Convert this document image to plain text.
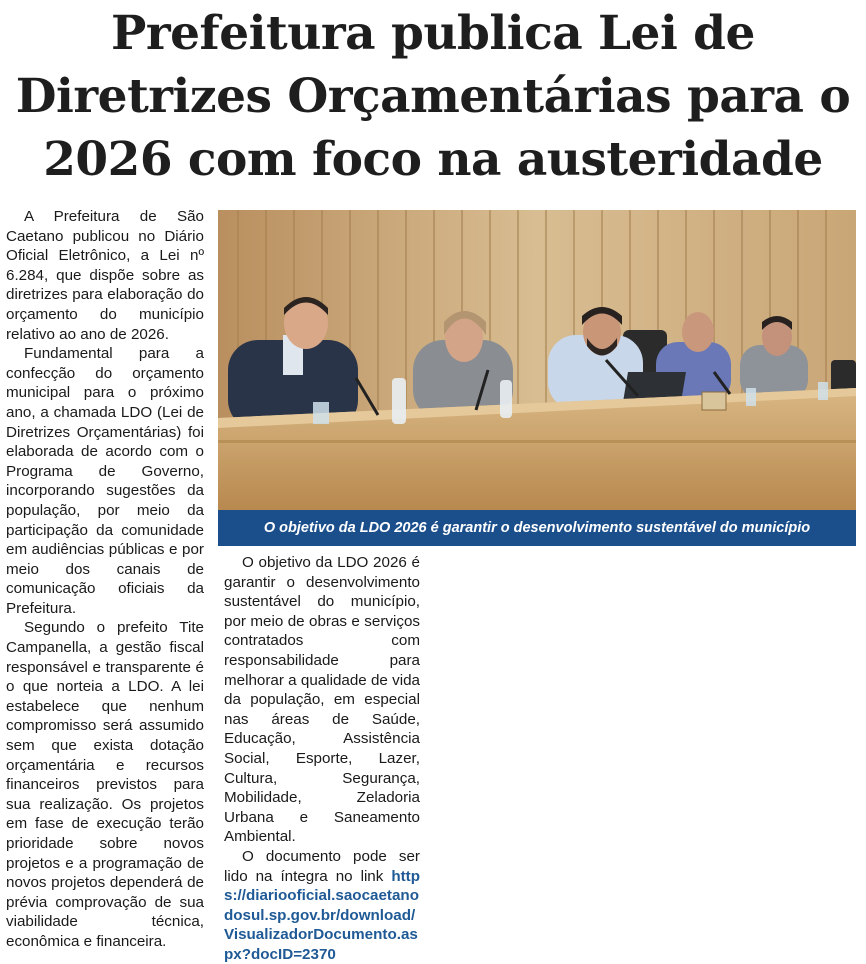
Prefeitura publica Lei de
Diretrizes Orçamentárias para o
2026 com foco na austeridade

A Prefeitura de São Caetano publicou no Diário Oficial Eletrônico, a Lei nº 6.284, que dispõe sobre as diretrizes para elaboração do orçamento do município relativo ao ano de 2026.

Fundamental para a confecção do orçamento municipal para o próximo ano, a chamada LDO (Lei de Diretrizes Orçamentárias) foi elaborada de acordo com o Programa de Governo, incorporando sugestões da população, por meio da participação da comunidade em audiências públicas e por meio dos canais de comunicação oficiais da Prefeitura.

Segundo o prefeito Tite Campanella, a gestão fiscal responsável e transparente é o que norteia a LDO. A lei estabelece que nenhum compromisso será assumido sem que exista dotação orçamentária e recursos financeiros previstos para sua realização. Os projetos em fase de execução terão prioridade sobre novos projetos e a programação de novos projetos dependerá de prévia comprovação de sua viabilidade técnica, econômica e financeira.

O objetivo da LDO 2026 é garantir o desenvolvimento sustentável do município

O objetivo da LDO 2026 é garantir o desenvolvimento sustentável do município, por meio de obras e serviços contratados com responsabilidade para melhorar a qualidade de vida da população, em especial nas áreas de Saúde, Educação, Assistência Social, Esporte, Lazer, Cultura, Segurança, Mobilidade, Zeladoria Urbana e Saneamento Ambiental.

O documento pode ser lido na íntegra no link https://diariooficial.saocaetanodosul.sp.gov.br/download/VisualizadorDocumento.aspx?docID=2370
